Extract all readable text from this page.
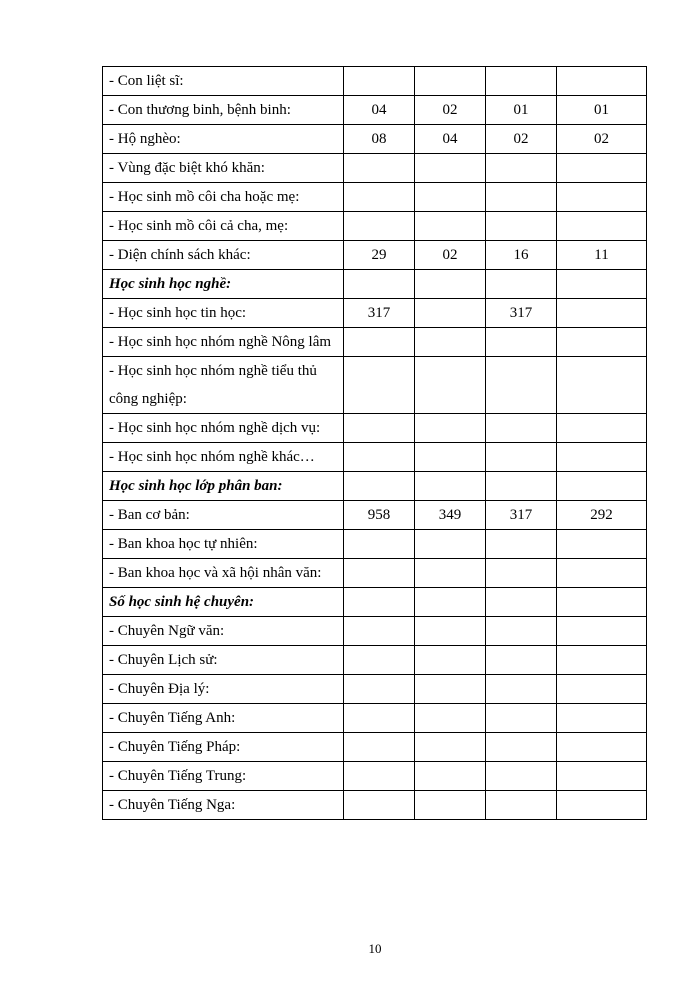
- Con liệt sĩ:				
- Con thương binh, bệnh binh:	04	02	01	01
- Hộ nghèo:	08	04	02	02
- Vùng đặc biệt khó khăn:				
- Học sinh mồ côi cha hoặc mẹ:				
- Học sinh mồ côi cả cha, mẹ:				
- Diện chính sách khác:	29	02	16	11
Học sinh học nghề:				
- Học sinh học tin học:	317		317	
- Học sinh học nhóm nghề Nông lâm				
- Học sinh học nhóm nghề tiểu thủ công nghiệp:				
- Học sinh học nhóm nghề dịch vụ:				
- Học sinh học nhóm nghề khác…				
Học sinh học lớp phân ban:				
- Ban cơ bản:	958	349	317	292
- Ban khoa học tự nhiên:				
- Ban khoa học và xã hội nhân văn:				
Số học sinh hệ chuyên:				
- Chuyên Ngữ văn:				
- Chuyên Lịch sử:				
- Chuyên Địa lý:				
- Chuyên Tiếng Anh:				
- Chuyên Tiếng Pháp:				
- Chuyên Tiếng Trung:				
- Chuyên Tiếng Nga:				
10
